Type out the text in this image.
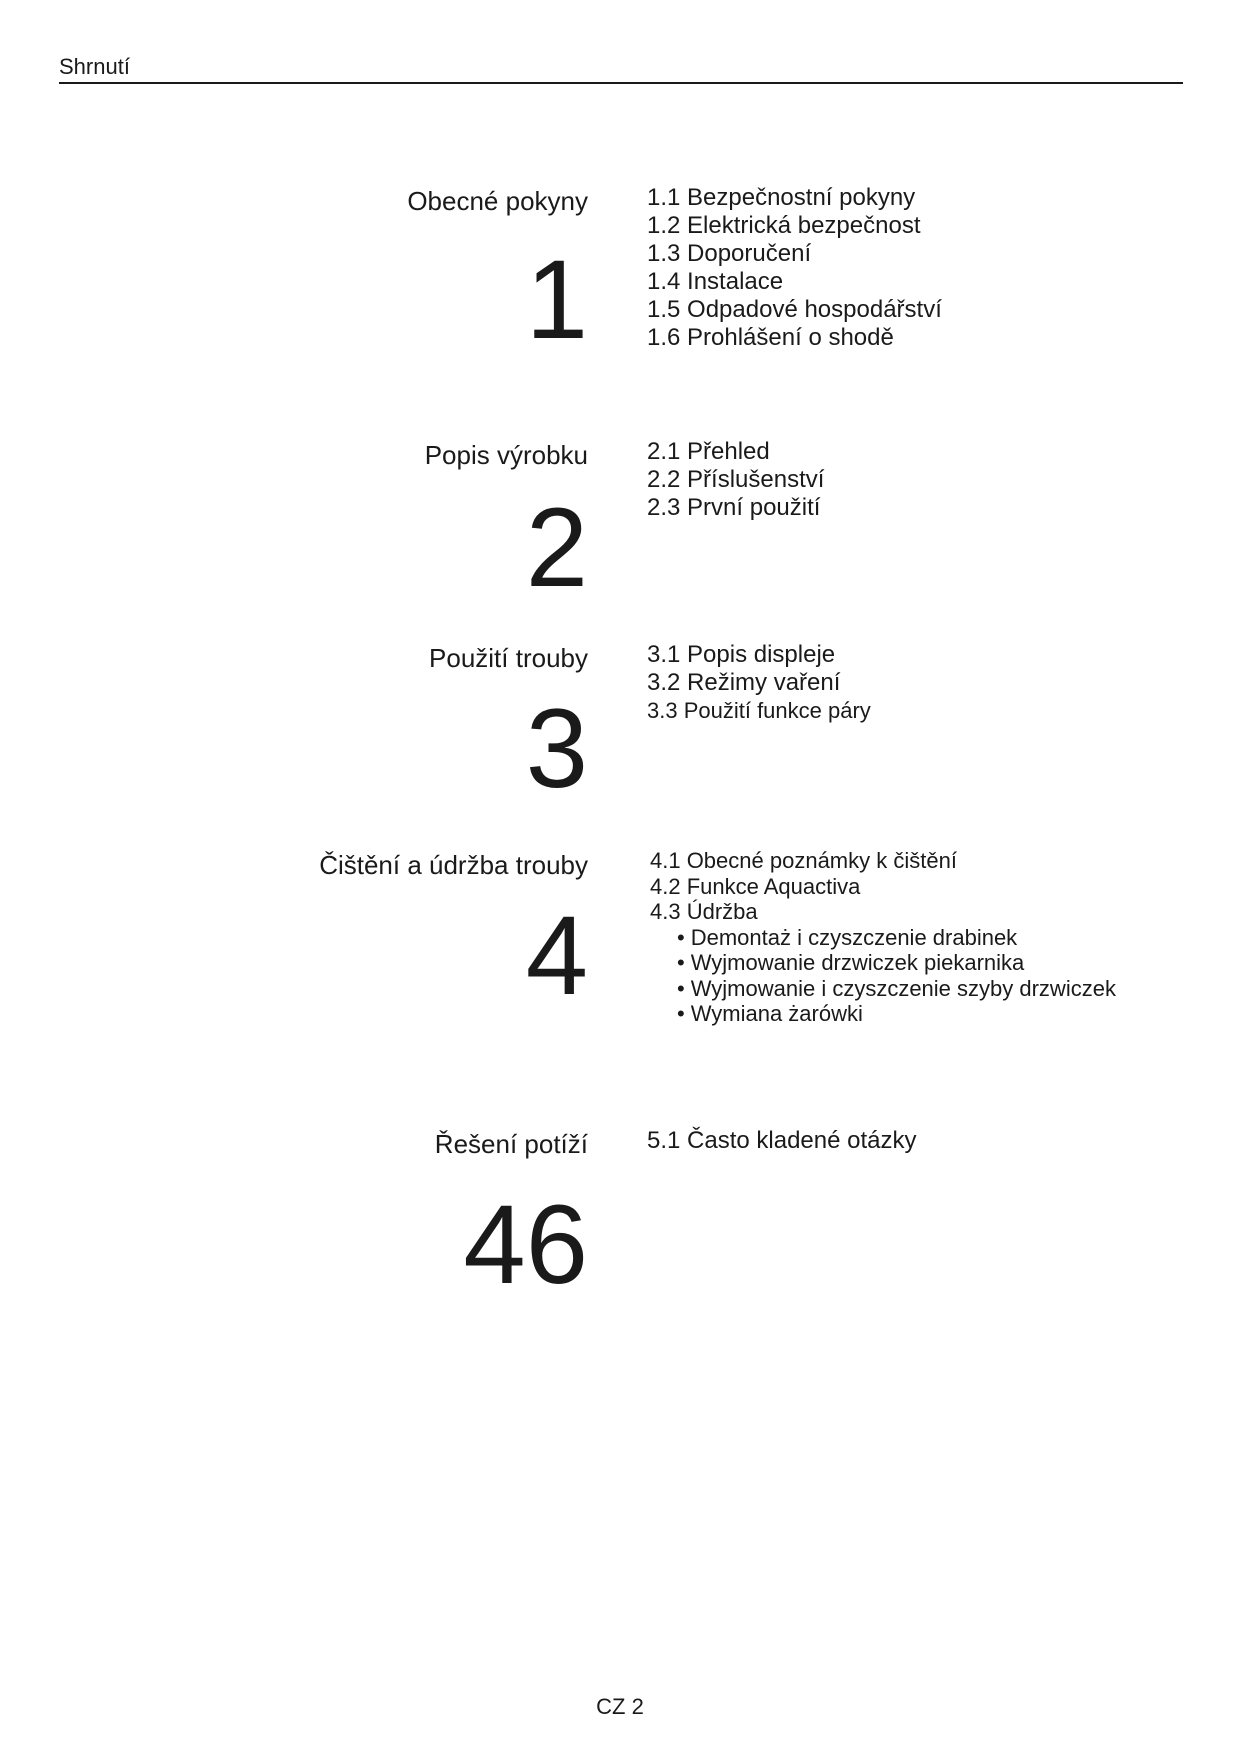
Shrnutí
Obecné pokyny
1
1.1 Bezpečnostní pokyny
1.2 Elektrická bezpečnost
1.3 Doporučení
1.4 Instalace
1.5 Odpadové hospodářství
1.6 Prohlášení o shodě
Popis výrobku
2
2.1 Přehled
2.2 Příslušenství
2.3 První použití
Použití trouby
3
3.1 Popis displeje
3.2 Režimy vaření
3.3 Použití funkce páry
Čištění a údržba trouby
4
4.1 Obecné poznámky k čištění
4.2 Funkce Aquactiva
4.3 Údržba
• Demontaż i czyszczenie drabinek
• Wyjmowanie drzwiczek piekarnika
• Wyjmowanie i czyszczenie szyby drzwiczek
• Wymiana żarówki
Řešení potíží
46
5.1 Často kladené otázky
CZ 2
